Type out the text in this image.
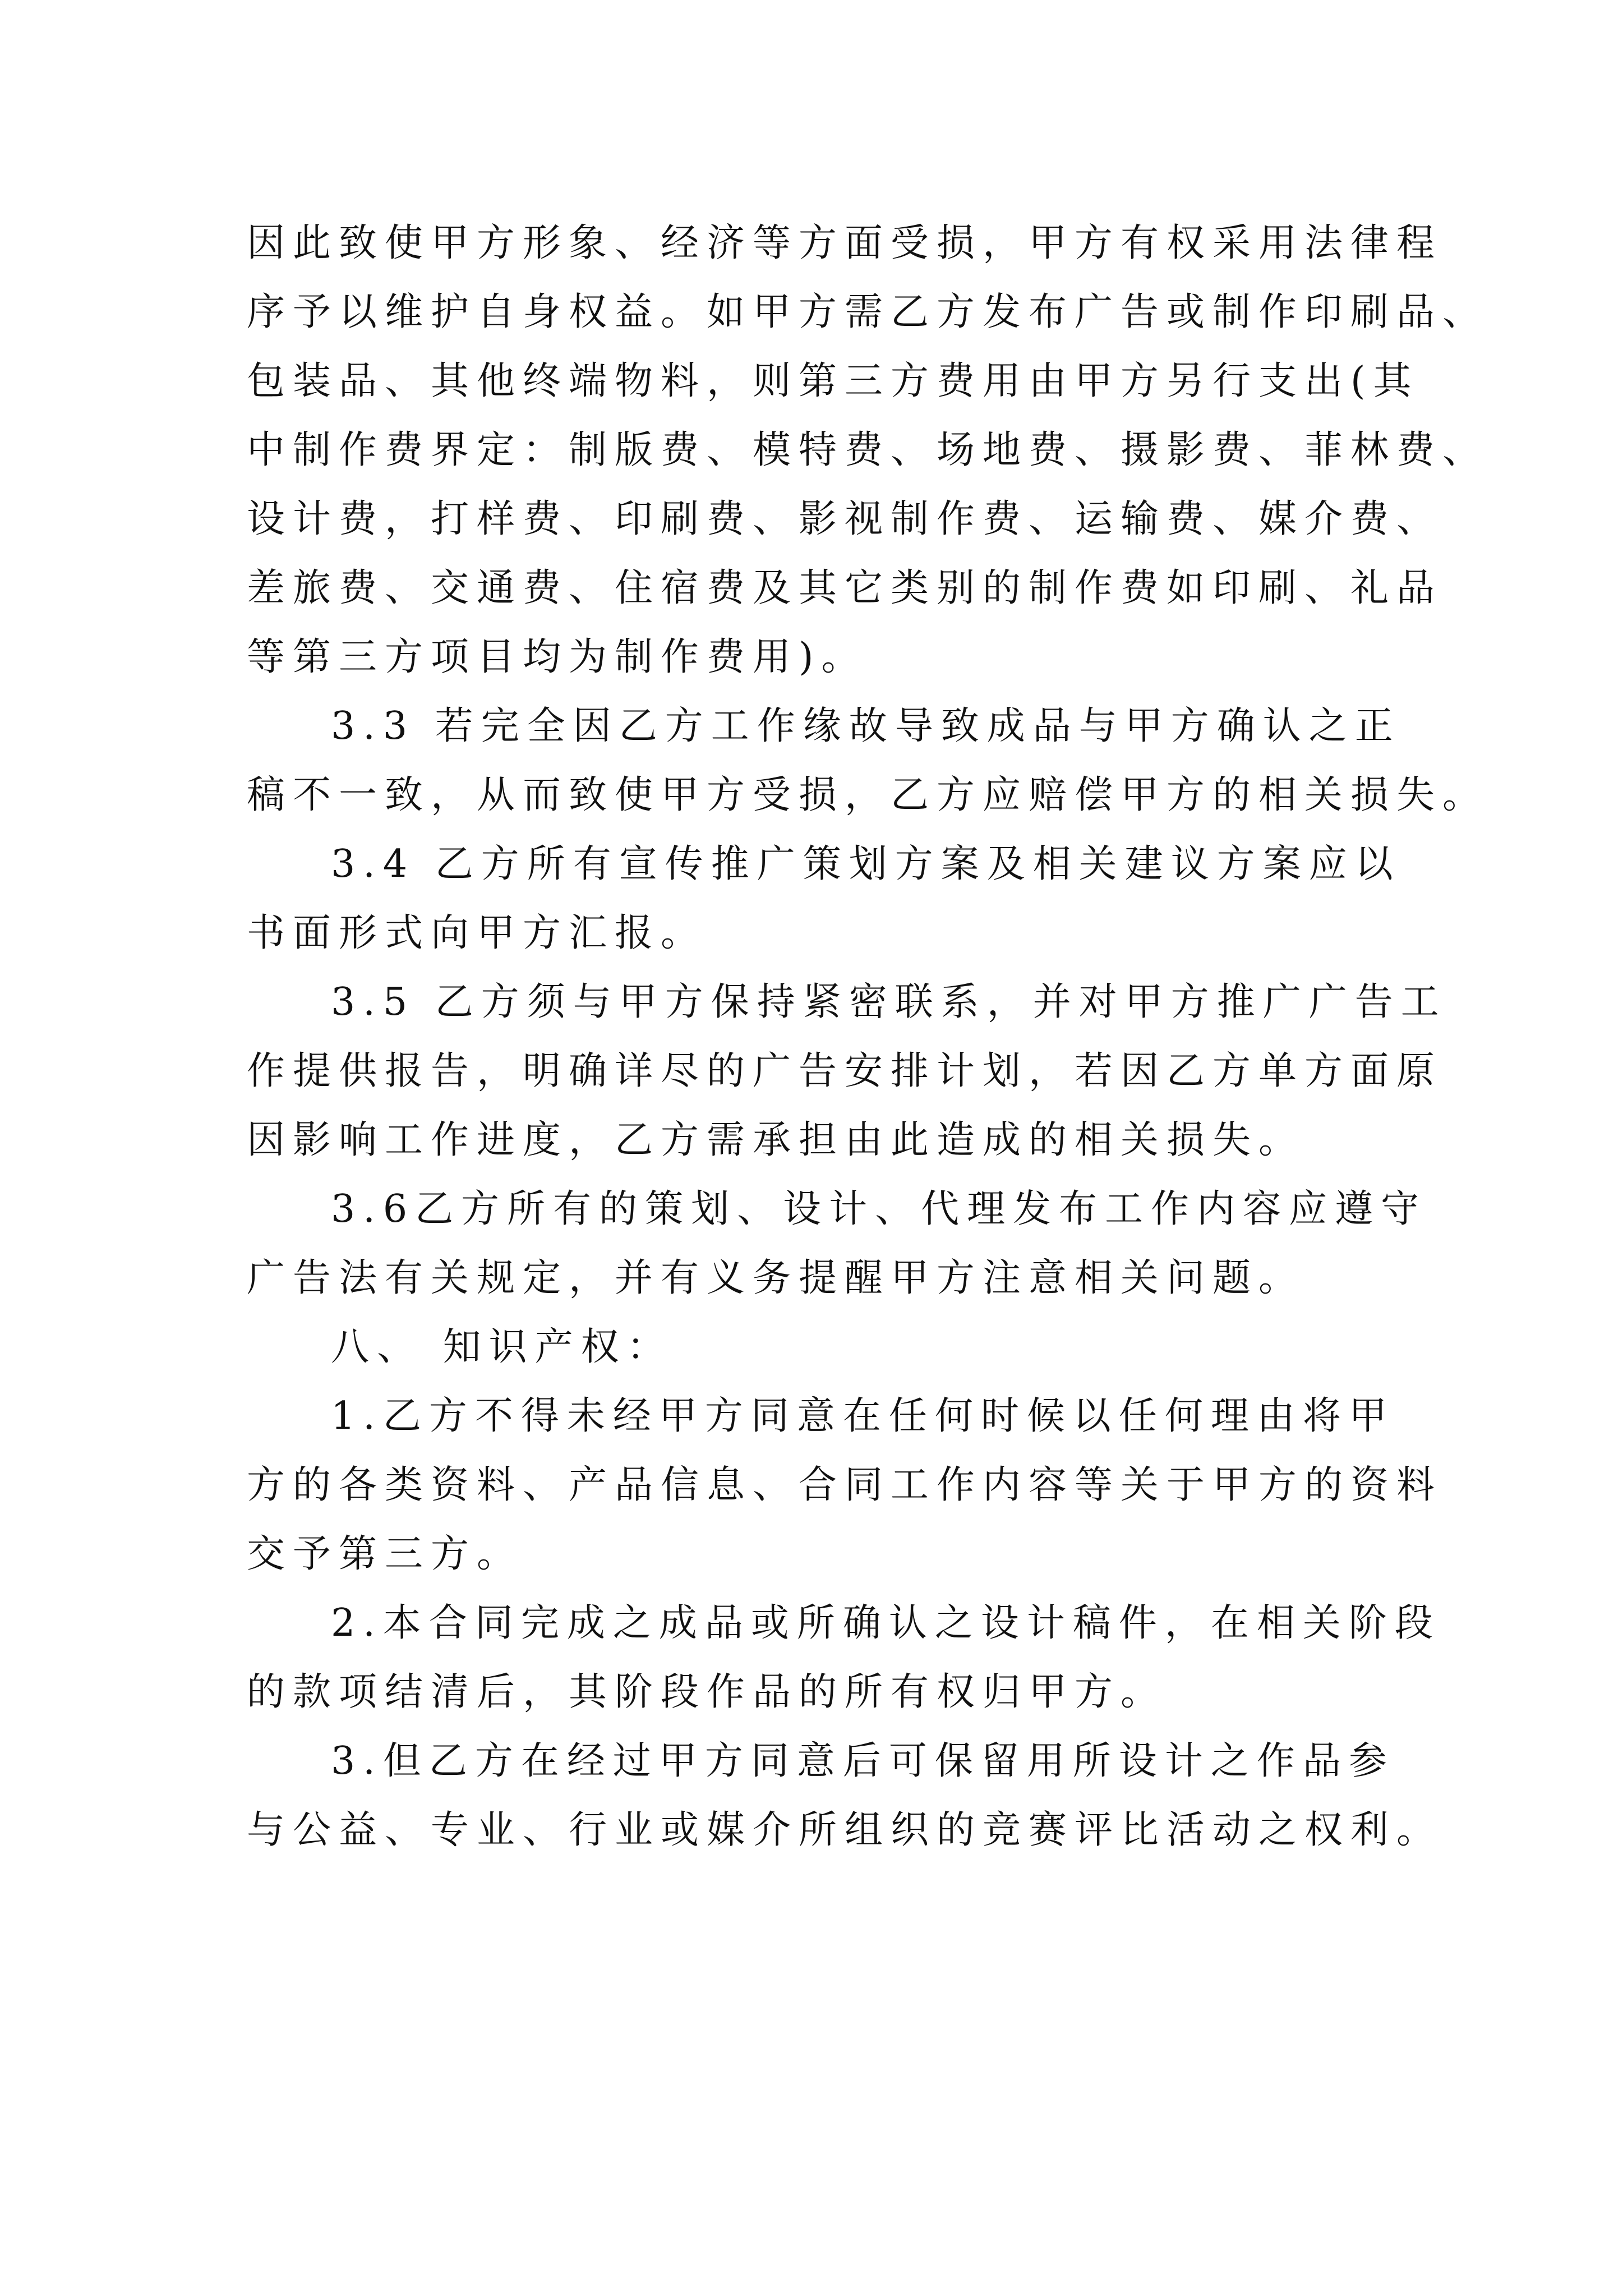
因此致使甲方形象、经济等方面受损，甲方有权采用法律程
序予以维护自身权益。如甲方需乙方发布广告或制作印刷品、
包装品、其他终端物料，则第三方费用由甲方另行支出(其
中制作费界定：制版费、模特费、场地费、摄影费、菲林费、
设计费，打样费、印刷费、影视制作费、运输费、媒介费、
差旅费、交通费、住宿费及其它类别的制作费如印刷、礼品
等第三方项目均为制作费用)。
3.3 若完全因乙方工作缘故导致成品与甲方确认之正
稿不一致，从而致使甲方受损，乙方应赔偿甲方的相关损失。
3.4 乙方所有宣传推广策划方案及相关建议方案应以
书面形式向甲方汇报。
3.5 乙方须与甲方保持紧密联系，并对甲方推广广告工
作提供报告，明确详尽的广告安排计划，若因乙方单方面原
因影响工作进度，乙方需承担由此造成的相关损失。
3.6乙方所有的策划、设计、代理发布工作内容应遵守
广告法有关规定，并有义务提醒甲方注意相关问题。
八、 知识产权：
1.乙方不得未经甲方同意在任何时候以任何理由将甲
方的各类资料、产品信息、合同工作内容等关于甲方的资料
交予第三方。
2.本合同完成之成品或所确认之设计稿件，在相关阶段
的款项结清后，其阶段作品的所有权归甲方。
3.但乙方在经过甲方同意后可保留用所设计之作品参
与公益、专业、行业或媒介所组织的竞赛评比活动之权利。
